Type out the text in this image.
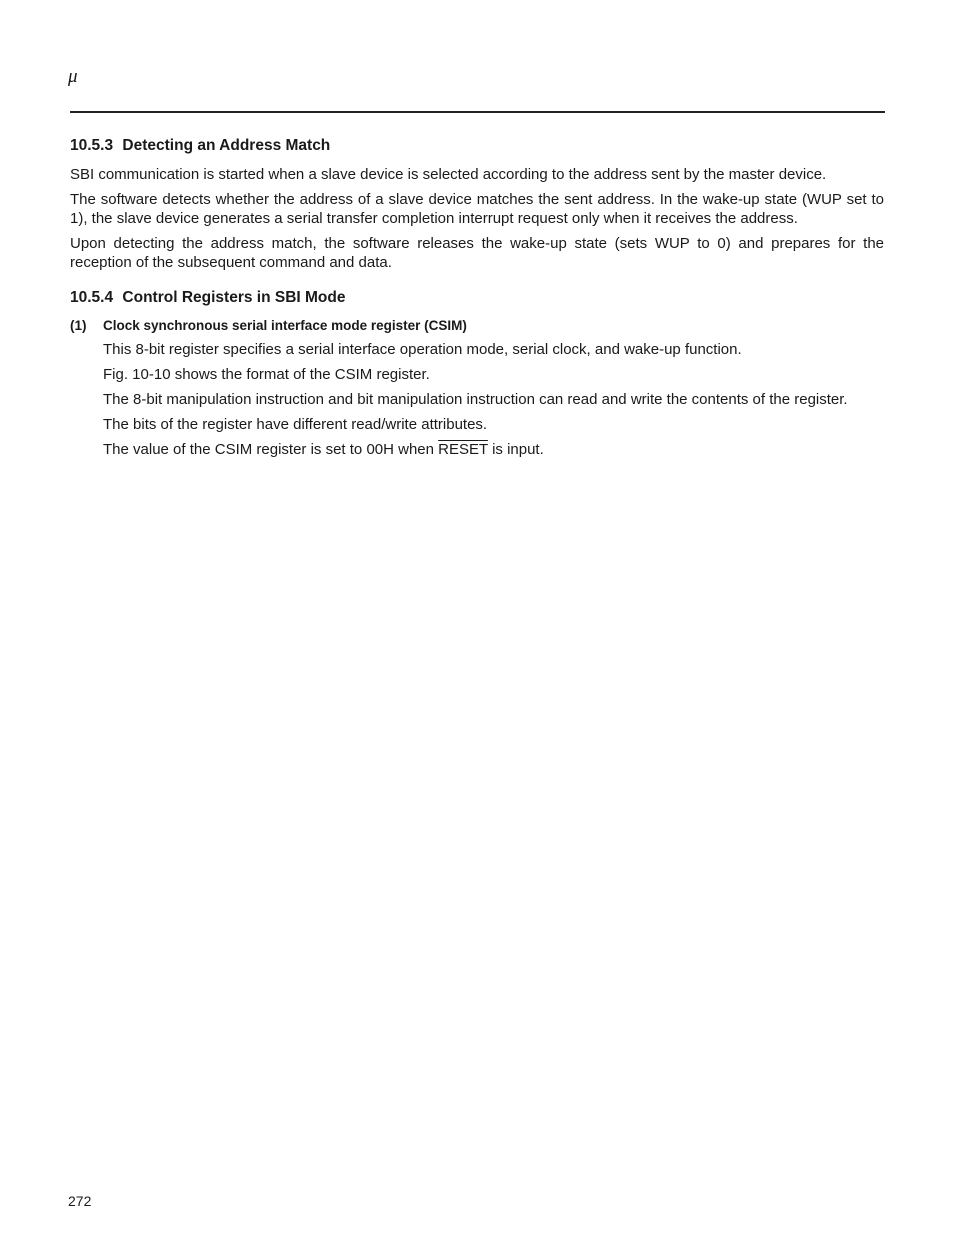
μ
10.5.3 Detecting an Address Match

SBI communication is started when a slave device is selected according to the address sent by the master device.

The software detects whether the address of a slave device matches the sent address. In the wake-up state (WUP set to 1), the slave device generates a serial transfer completion interrupt request only when it receives the address.

Upon detecting the address match, the software releases the wake-up state (sets WUP to 0) and prepares for the reception of the subsequent command and data.

10.5.4 Control Registers in SBI Mode
(1)	Clock synchronous serial interface mode register (CSIM)

This 8-bit register specifies a serial interface operation mode, serial clock, and wake-up function.

Fig. 10-10 shows the format of the CSIM register.

The 8-bit manipulation instruction and bit manipulation instruction can read and write the contents of the register.

The bits of the register have different read/write attributes.

The value of the CSIM register is set to 00H when RESET is input.

272
